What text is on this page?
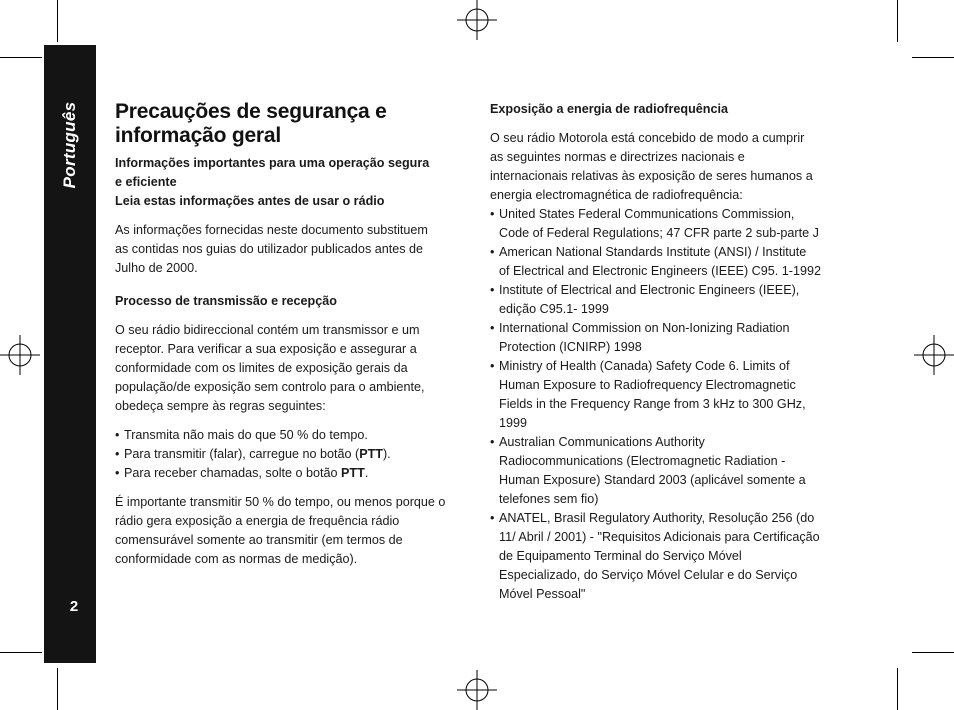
Português
2
Precauções de segurança e
informação geral

Informações importantes para uma operação segura
e eficiente

Leia estas informações antes de usar o rádio

As informações fornecidas neste documento substituem
as contidas nos guias do utilizador publicados antes de
Julho de 2000.

Processo de transmissão e recepção

O seu rádio bidireccional contém um transmissor e um
receptor. Para verificar a sua exposição e assegurar a
conformidade com os limites de exposição gerais da
população/de exposição sem controlo para o ambiente,
obedeça sempre às regras seguintes:

• Transmita não mais do que 50 % do tempo.
• Para transmitir (falar), carregue no botão (PTT).
• Para receber chamadas, solte o botão PTT.

É importante transmitir 50 % do tempo, ou menos porque o
rádio gera exposição a energia de frequência rádio
comensurável somente ao transmitir (em termos de
conformidade com as normas de medição).

Exposição a energia de radiofrequência

O seu rádio Motorola está concebido de modo a cumprir
as seguintes normas e directrizes nacionais e
internacionais relativas às exposição de seres humanos a
energia electromagnética de radiofrequência:

• United States Federal Communications Commission,
Code of Federal Regulations; 47 CFR parte 2 sub-parte J
• American National Standards Institute (ANSI) / Institute
of Electrical and Electronic Engineers (IEEE) C95. 1-1992
• Institute of Electrical and Electronic Engineers (IEEE),
edição C95.1- 1999
• International Commission on Non-Ionizing Radiation
Protection (ICNIRP) 1998
• Ministry of Health (Canada) Safety Code 6. Limits of
Human Exposure to Radiofrequency Electromagnetic
Fields in the Frequency Range from 3 kHz to 300 GHz,
1999
• Australian Communications Authority
Radiocommunications (Electromagnetic Radiation -
Human Exposure) Standard 2003 (aplicável somente a
telefones sem fio)
• ANATEL, Brasil Regulatory Authority, Resolução 256 (do
11/ Abril / 2001) - "Requisitos Adicionais para Certificação
de Equipamento Terminal do Serviço Móvel
Especializado, do Serviço Móvel Celular e do Serviço
Móvel Pessoal"
